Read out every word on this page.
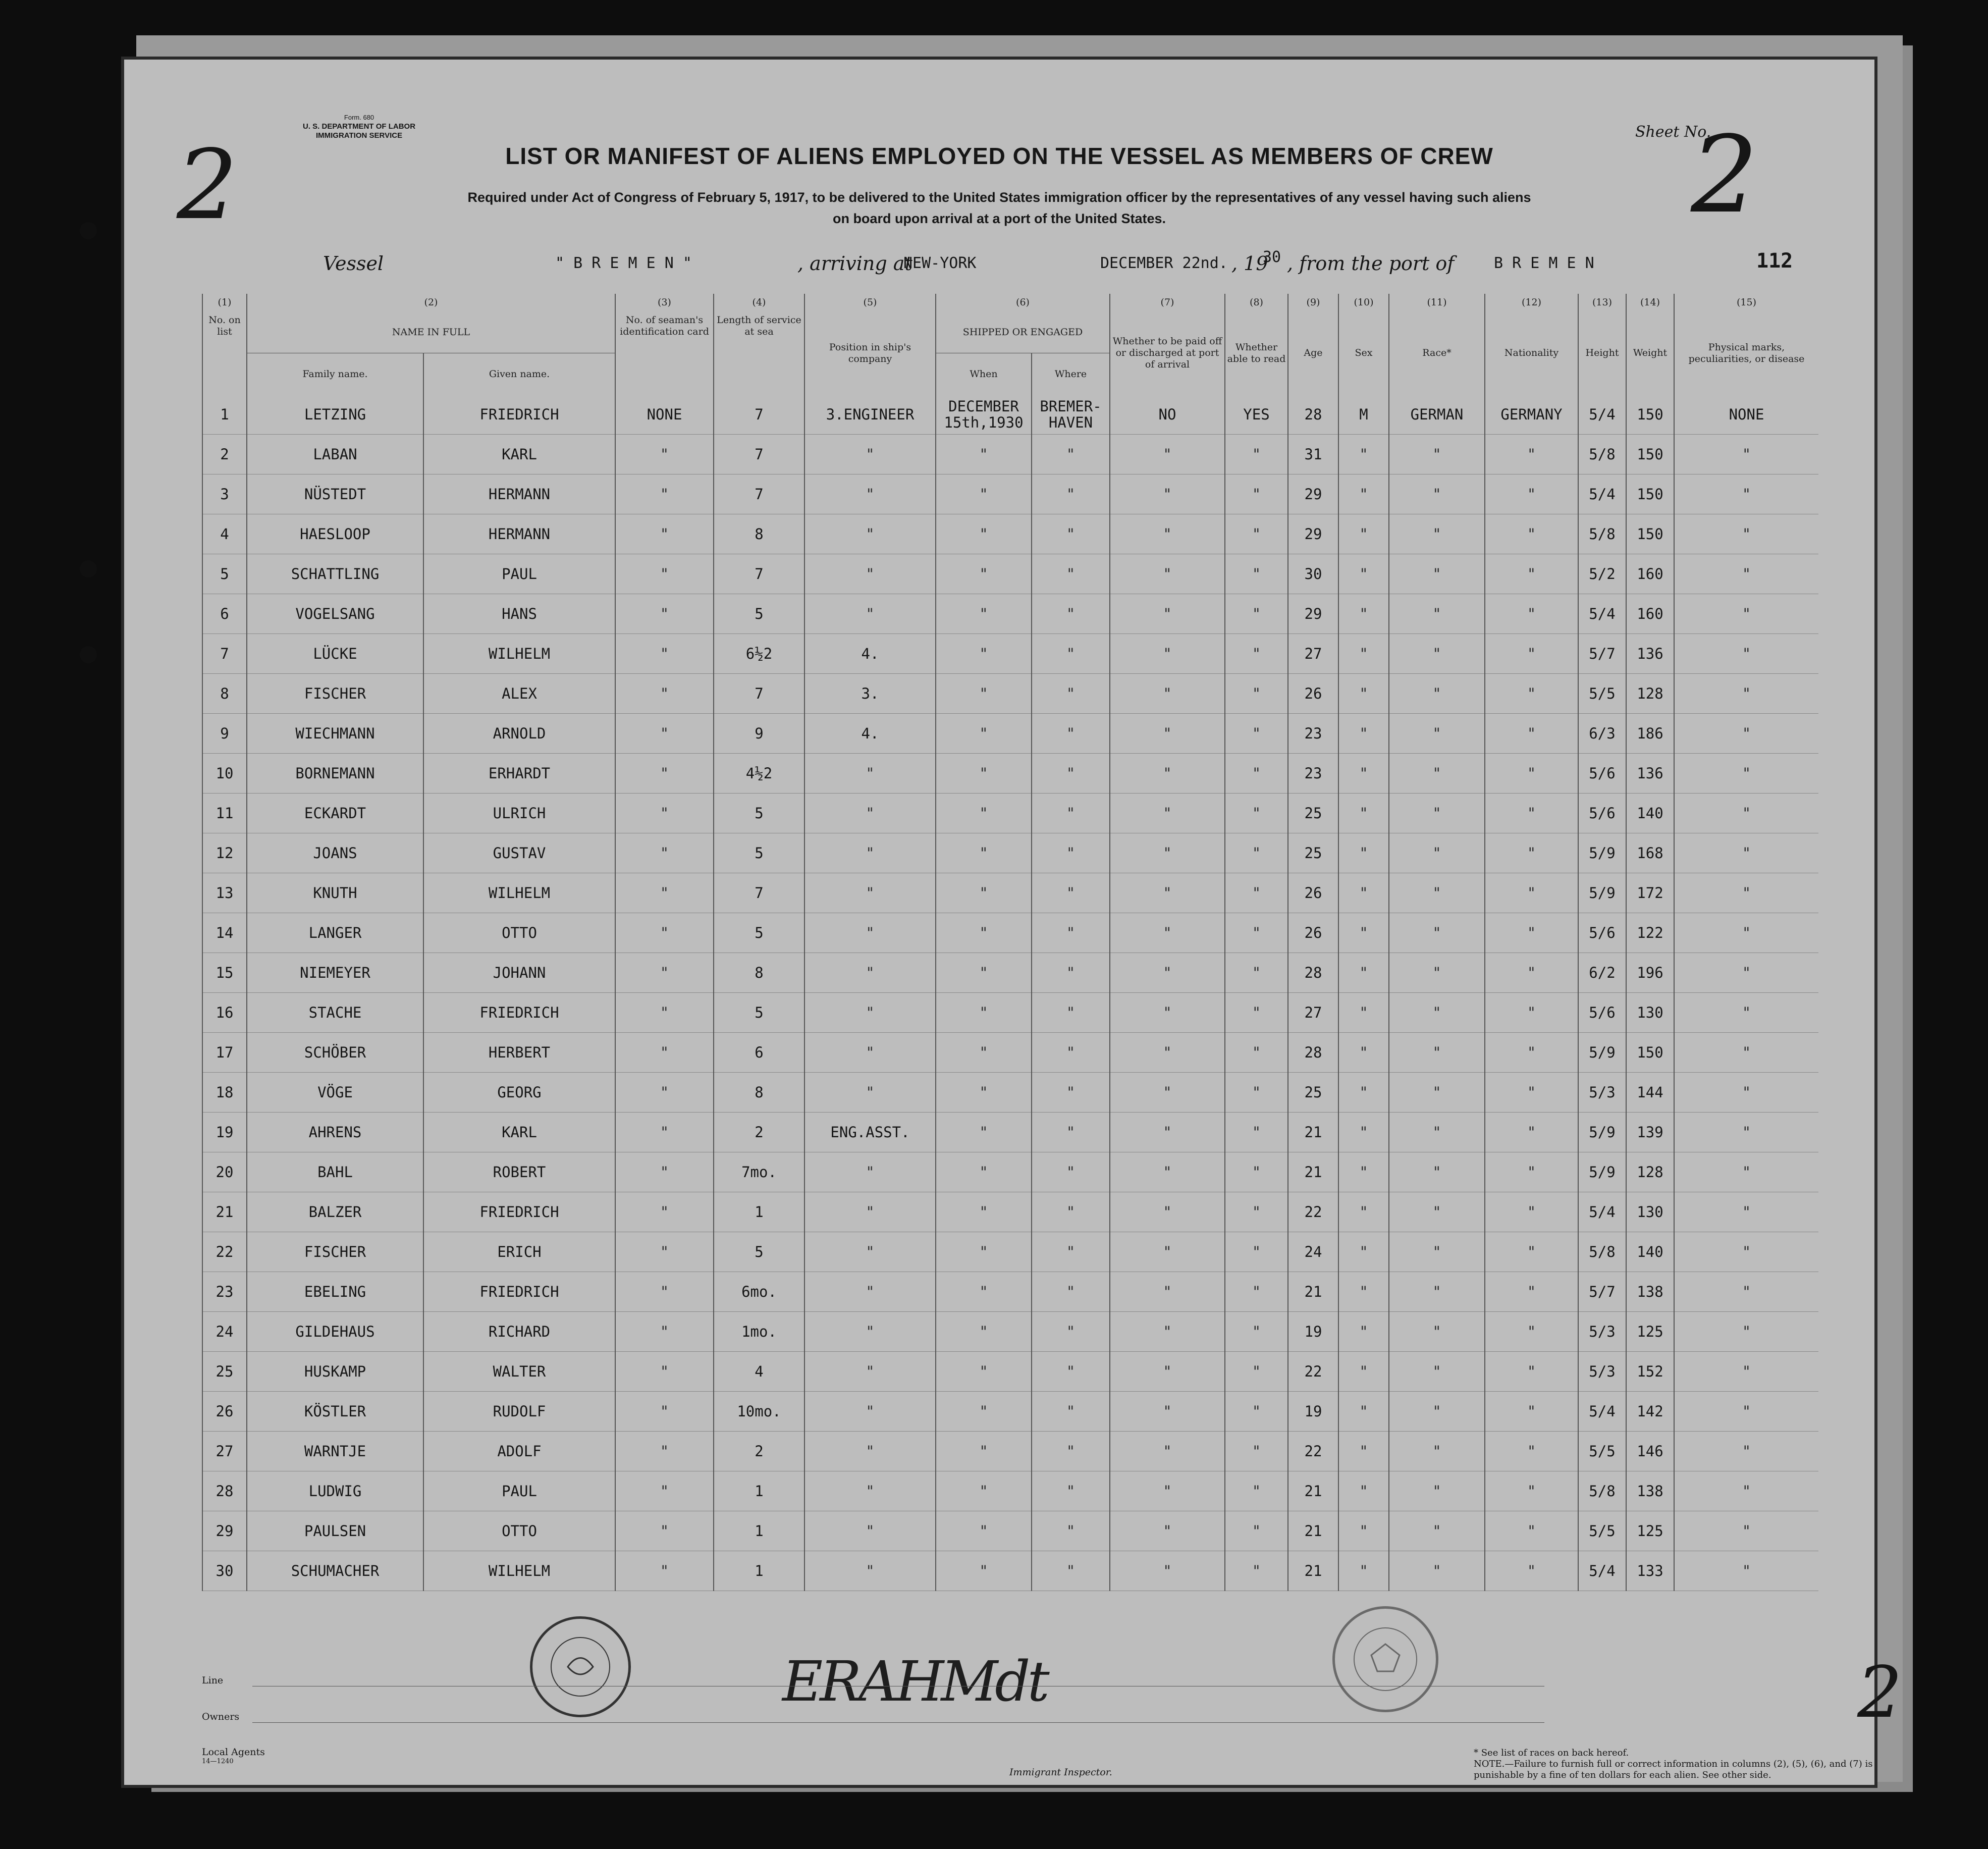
Form. 680
U. S. DEPARTMENT OF LABOR
IMMIGRATION SERVICE
2	LIST OR MANIFEST OF ALIENS EMPLOYED ON THE VESSEL AS MEMBERS OF CREW
Required under Act of Congress of February 5, 1917, to be delivered to the United States immigration officer by the representatives of any vessel having such aliens
on board upon arrival at a port of the United States.
Sheet No.
2
Vessel	" B R E M E N "	, arriving at
NEW-YORK	DECEMBER 22nd. , 19
30 , from the port of	B R E M E N	112
(1)	(2)		(3)	(4)	(5)	(6)		(7)	(8)	(9)	(10)	(11)	(12)	(13)	(14)	(15)
No. on list	NAME IN FULL		No. of seaman's identification card	Length of service at sea	Position in ship's company	SHIPPED OR ENGAGED		Whether to be paid off or discharged at port of arrival	Whether able to read	Age	Sex	Race*	Nationality	Height	Weight	Physical marks, peculiarities, or disease
	Family name.	Given name.				When	Where									
1	LETZING	FRIEDRICH	NONE	7	3.ENGINEER	DECEMBER 15th,1930	BREMER-HAVEN	NO	YES	28	M	GERMAN	GERMANY	5/4	150	NONE
2	LABAN	KARL	"	7	"	"	"	"	"	31	"	"	"	5/8	150	"
3	NÜSTEDT	HERMANN	"	7	"	"	"	"	"	29	"	"	"	5/4	150	"
4	HAESLOOP	HERMANN	"	8	"	"	"	"	"	29	"	"	"	5/8	150	"
5	SCHATTLING	PAUL	"	7	"	"	"	"	"	30	"	"	"	5/2	160	"
6	VOGELSANG	HANS	"	5	"	"	"	"	"	29	"	"	"	5/4	160	"
7	LÜCKE	WILHELM	"	6½2	4.	"	"	"	"	27	"	"	"	5/7	136	"
8	FISCHER	ALEX	"	7	3.	"	"	"	"	26	"	"	"	5/5	128	"
9	WIECHMANN	ARNOLD	"	9	4.	"	"	"	"	23	"	"	"	6/3	186	"
10	BORNEMANN	ERHARDT	"	4½2	"	"	"	"	"	23	"	"	"	5/6	136	"
11	ECKARDT	ULRICH	"	5	"	"	"	"	"	25	"	"	"	5/6	140	"
12	JOANS	GUSTAV	"	5	"	"	"	"	"	25	"	"	"	5/9	168	"
13	KNUTH	WILHELM	"	7	"	"	"	"	"	26	"	"	"	5/9	172	"
14	LANGER	OTTO	"	5	"	"	"	"	"	26	"	"	"	5/6	122	"
15	NIEMEYER	JOHANN	"	8	"	"	"	"	"	28	"	"	"	6/2	196	"
16	STACHE	FRIEDRICH	"	5	"	"	"	"	"	27	"	"	"	5/6	130	"
17	SCHÖBER	HERBERT	"	6	"	"	"	"	"	28	"	"	"	5/9	150	"
18	VÖGE	GEORG	"	8	"	"	"	"	"	25	"	"	"	5/3	144	"
19	AHRENS	KARL	"	2	ENG.ASST.	"	"	"	"	21	"	"	"	5/9	139	"
20	BAHL	ROBERT	"	7mo.	"	"	"	"	"	21	"	"	"	5/9	128	"
21	BALZER	FRIEDRICH	"	1	"	"	"	"	"	22	"	"	"	5/4	130	"
22	FISCHER	ERICH	"	5	"	"	"	"	"	24	"	"	"	5/8	140	"
23	EBELING	FRIEDRICH	"	6mo.	"	"	"	"	"	21	"	"	"	5/7	138	"
24	GILDEHAUS	RICHARD	"	1mo.	"	"	"	"	"	19	"	"	"	5/3	125	"
25	HUSKAMP	WALTER	"	4	"	"	"	"	"	22	"	"	"	5/3	152	"
26	KÖSTLER	RUDOLF	"	10mo.	"	"	"	"	"	19	"	"	"	5/4	142	"
27	WARNTJE	ADOLF	"	2	"	"	"	"	"	22	"	"	"	5/5	146	"
28	LUDWIG	PAUL	"	1	"	"	"	"	"	21	"	"	"	5/8	138	"
29	PAULSEN	OTTO	"	1	"	"	"	"	"	21	"	"	"	5/5	125	"
30	SCHUMACHER	WILHELM	"	1	"	"	"	"	"	21	"	"	"	5/4	133	"
ERAHMdt	2
Line
Owners
Local Agents
14—1240
Immigrant Inspector.
* See list of races on back hereof.
NOTE.—Failure to furnish full or correct information in columns (2), (5), (6), and (7) is punishable by a fine of ten dollars for each alien. See other side.
